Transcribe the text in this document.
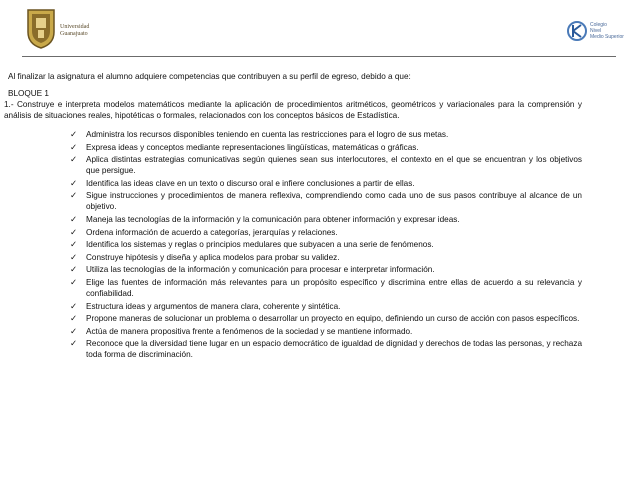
Universidad
Guanajuato
Colegio
Nivel
Medio Superior

Al finalizar la asignatura el alumno adquiere competencias que contribuyen a su perfil de egreso, debido a que:

BLOQUE 1

1.- Construye e interpreta modelos matemáticos mediante la aplicación de procedimientos aritméticos, geométricos y variacionales para la comprensión y análisis de situaciones reales, hipotéticas o formales, relacionados con los conceptos básicos de Estadística.

✓ Administra los recursos disponibles teniendo en cuenta las restricciones para el logro de sus metas.
✓ Expresa ideas y conceptos mediante representaciones lingüísticas, matemáticas o gráficas.
✓ Aplica distintas estrategias comunicativas según quienes sean sus interlocutores, el contexto en el que se encuentran y los objetivos que persigue.
✓ Identifica las ideas clave en un texto o discurso oral e infiere conclusiones a partir de ellas.
✓ Sigue instrucciones y procedimientos de manera reflexiva, comprendiendo como cada uno de sus pasos contribuye al alcance de un objetivo.
✓ Maneja las tecnologías de la información y la comunicación para obtener información y expresar ideas.
✓ Ordena información de acuerdo a categorías, jerarquías y relaciones.
✓ Identifica los sistemas y reglas o principios medulares que subyacen a una serie de fenómenos.
✓ Construye hipótesis y diseña y aplica modelos para probar su validez.
✓ Utiliza las tecnologías de la información y comunicación para procesar e interpretar información.
✓ Elige las fuentes de información más relevantes para un propósito específico y discrimina entre ellas de acuerdo a su relevancia y confiabilidad.
✓ Estructura ideas y argumentos de manera clara, coherente y sintética.
✓ Propone maneras de solucionar un problema o desarrollar un proyecto en equipo, definiendo un curso de acción con pasos específicos.
✓ Actúa de manera propositiva frente a fenómenos de la sociedad y se mantiene informado.
✓ Reconoce que la diversidad tiene lugar en un espacio democrático de igualdad de dignidad y derechos de todas las personas, y rechaza toda forma de discriminación.
